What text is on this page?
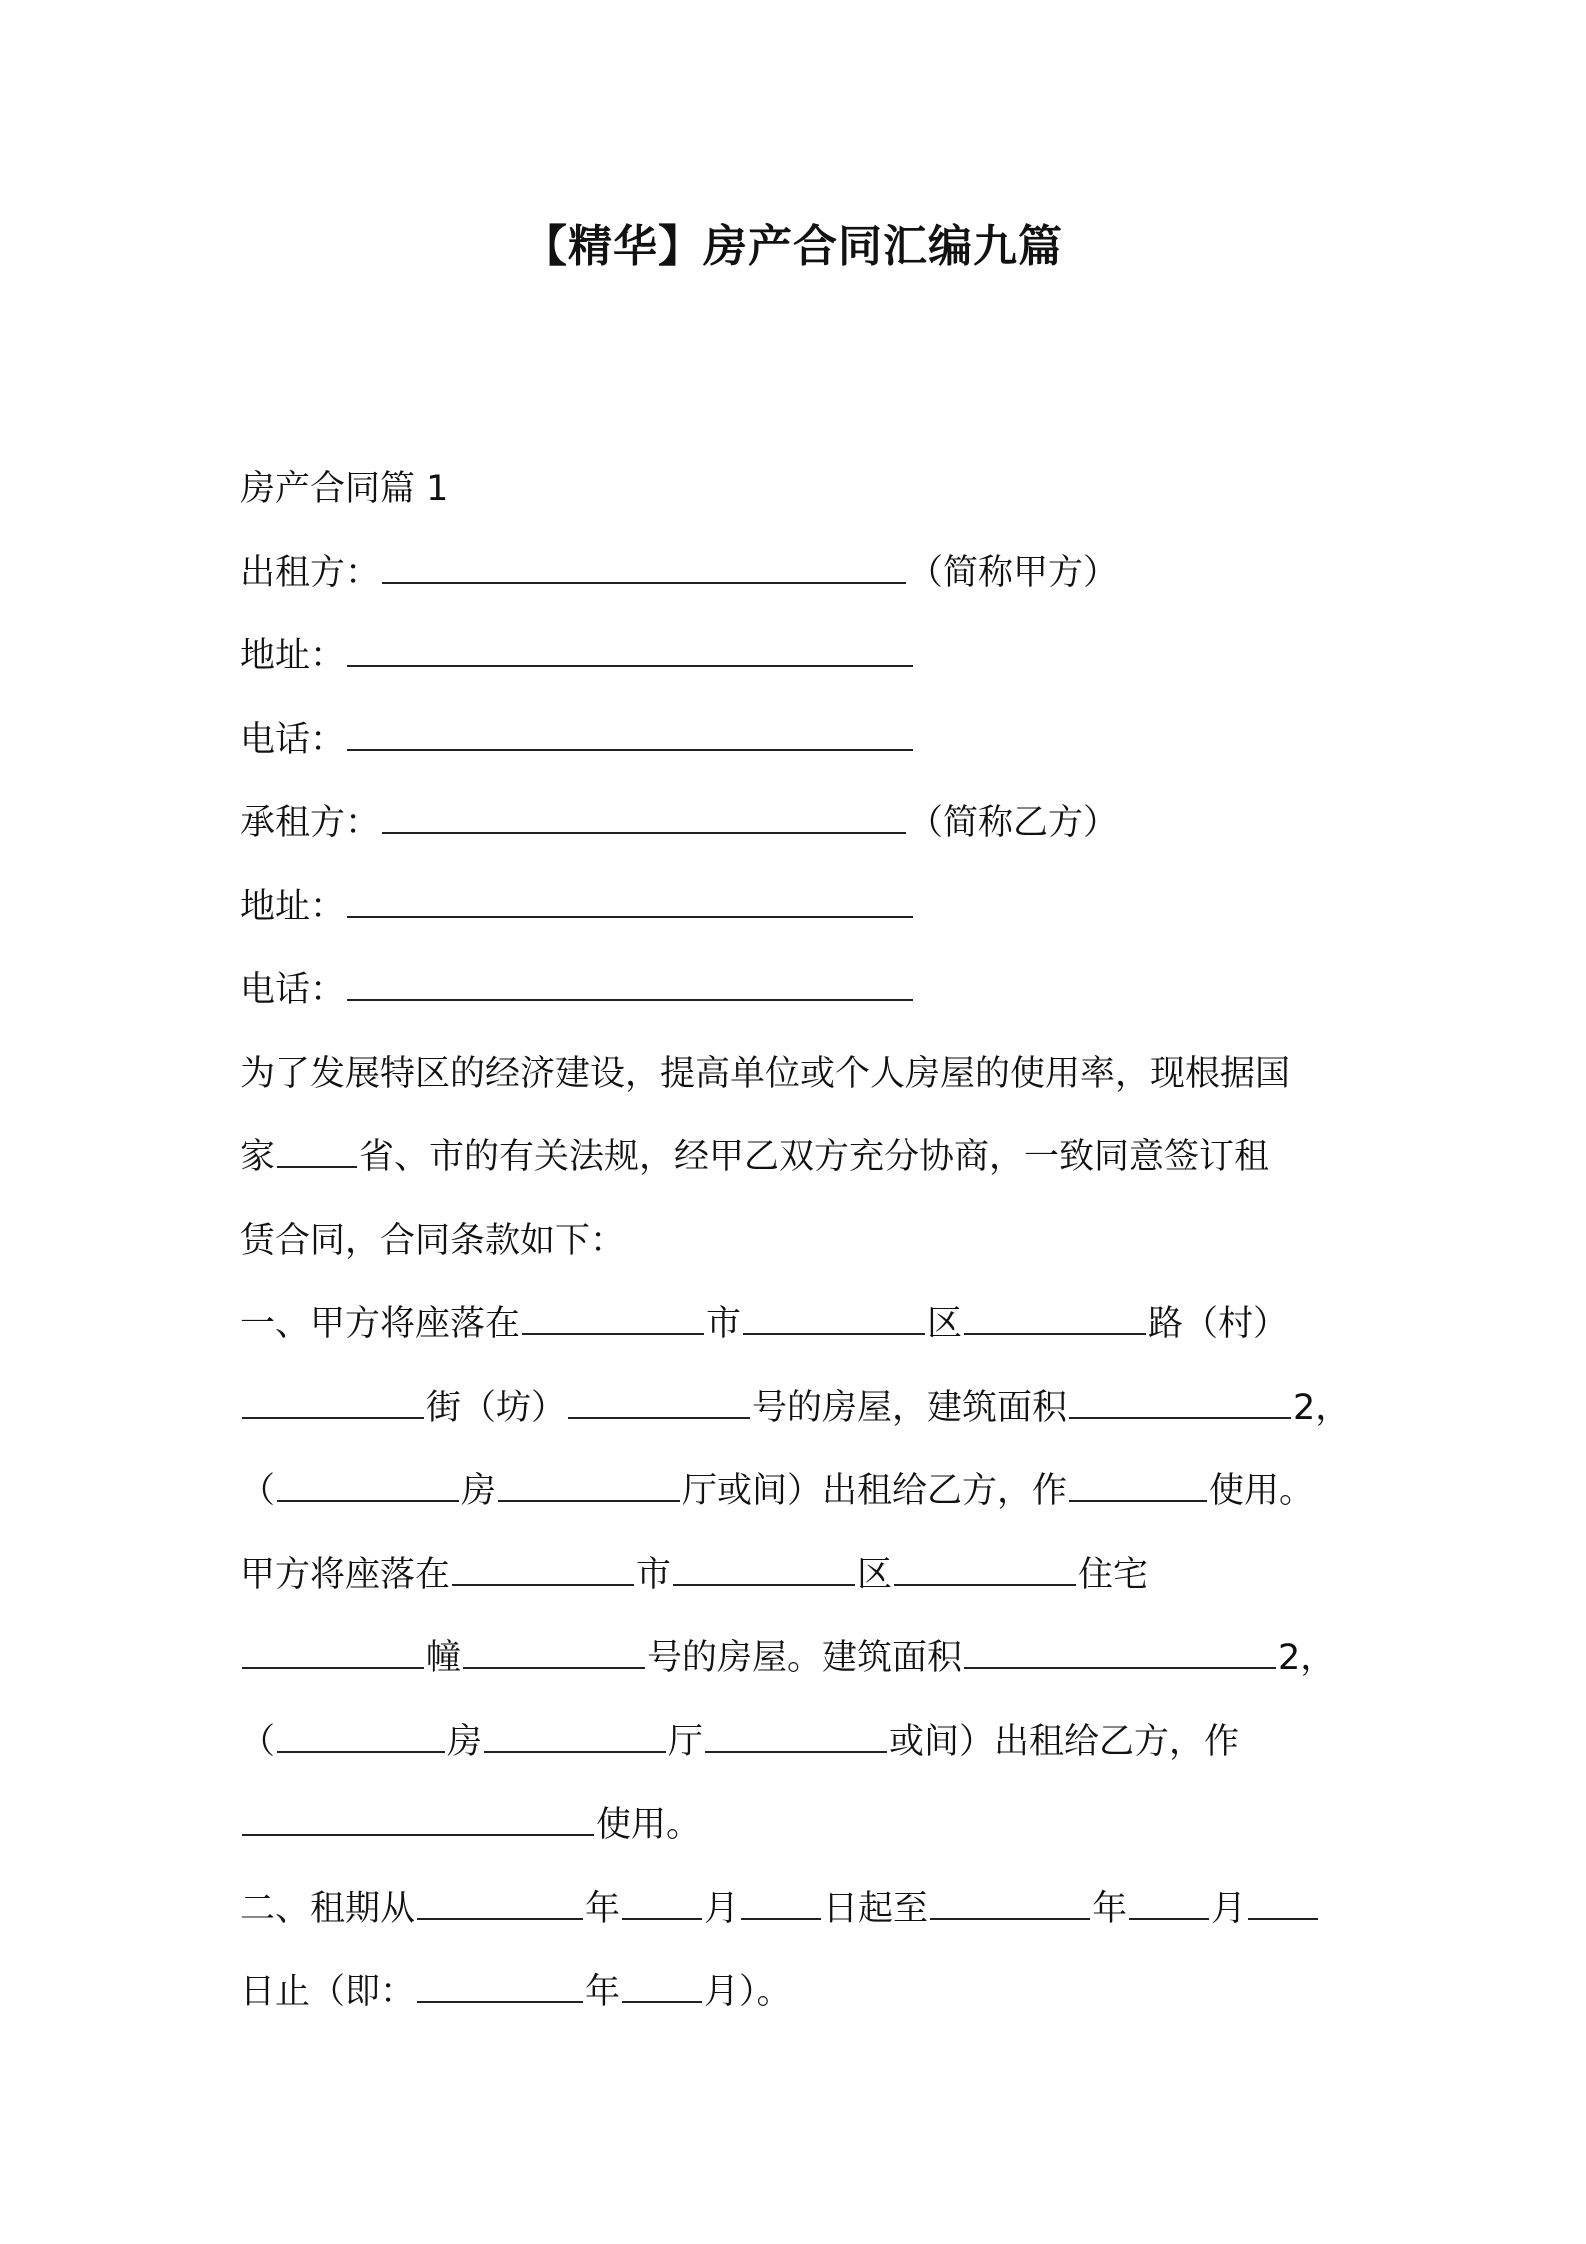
【精华】房产合同汇编九篇
房产合同篇 1
出租方：	（简称甲方）
地址：
电话：
承租方：	（简称乙方）
地址：
电话：
为了发展特区的经济建设，提高单位或个人房屋的使用率，现根据国
家 省、市的有关法规，经甲乙双方充分协商，一致同意签订租
赁合同，合同条款如下：
一、甲方将座落在	市	区	路（村）
街（坊）	号的房屋，建筑面积	2，
（	房	厅或间）出租给乙方，作	使用。
甲方将座落在	市	区	住宅
幢	号的房屋。建筑面积	2，
（	房	厅	或间）出租给乙方，作
使用。
二、租期从	年 月 日起至	年 月
日止（即：	年 月）。
